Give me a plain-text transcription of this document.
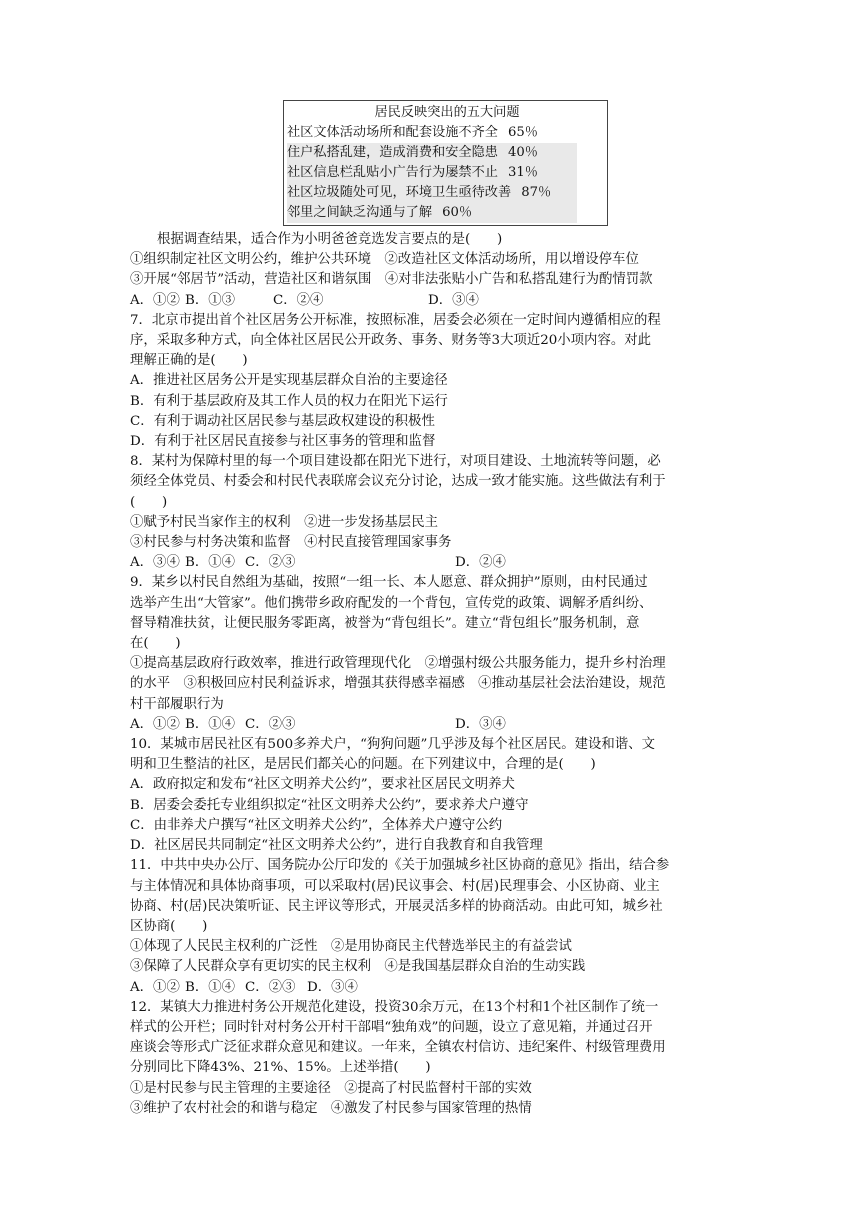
居民反映突出的五大问题
社区文体活动场所和配套设施不齐全 65％
住户私搭乱建，造成消费和安全隐患 40％
社区信息栏乱贴小广告行为屡禁不止 31％
社区垃圾随处可见，环境卫生亟待改善 87％
邻里之间缺乏沟通与了解 60％
根据调查结果，适合作为小明爸爸竞选发言要点的是(　　)
①组织制定社区文明公约，维护公共环境　②改造社区文体活动场所，用以增设停车位
③开展“邻居节”活动，营造社区和谐氛围　④对非法张贴小广告和私搭乱建行为酌情罚款
A．①② B．①③	C．②④	D．③④
7．北京市提出首个社区居务公开标准，按照标准，居委会必须在一定时间内遵循相应的程
序，采取多种方式，向全体社区居民公开政务、事务、财务等3大项近20小项内容。对此
理解正确的是(　　)
A．推进社区居务公开是实现基层群众自治的主要途径
B．有利于基层政府及其工作人员的权力在阳光下运行
C．有利于调动社区居民参与基层政权建设的积极性
D．有利于社区居民直接参与社区事务的管理和监督
8．某村为保障村里的每一个项目建设都在阳光下进行，对项目建设、土地流转等问题，必
须经全体党员、村委会和村民代表联席会议充分讨论，达成一致才能实施。这些做法有利于
(　　)
①赋予村民当家作主的权利　②进一步发扬基层民主
③村民参与村务决策和监督　④村民直接管理国家事务
A．③④ B．①④ C．②③	D．②④
9．某乡以村民自然组为基础，按照“一组一长、本人愿意、群众拥护”原则，由村民通过
选举产生出“大管家”。他们携带乡政府配发的一个背包，宣传党的政策、调解矛盾纠纷、
督导精准扶贫，让便民服务零距离，被誉为“背包组长”。建立“背包组长”服务机制，意
在(　　)
①提高基层政府行政效率，推进行政管理现代化　②增强村级公共服务能力，提升乡村治理
的水平　③积极回应村民利益诉求，增强其获得感幸福感　④推动基层社会法治建设，规范
村干部履职行为
A．①② B．①④ C．②③	D．③④
10．某城市居民社区有500多养犬户，“狗狗问题”几乎涉及每个社区居民。建设和谐、文
明和卫生整洁的社区，是居民们都关心的问题。在下列建议中，合理的是(　　)
A．政府拟定和发布“社区文明养犬公约”，要求社区居民文明养犬
B．居委会委托专业组织拟定“社区文明养犬公约”，要求养犬户遵守
C．由非养犬户撰写“社区文明养犬公约”，全体养犬户遵守公约
D．社区居民共同制定“社区文明养犬公约”，进行自我教育和自我管理
11．中共中央办公厅、国务院办公厅印发的《关于加强城乡社区协商的意见》指出，结合参
与主体情况和具体协商事项，可以采取村(居)民议事会、村(居)民理事会、小区协商、业主
协商、村(居)民决策听证、民主评议等形式，开展灵活多样的协商活动。由此可知，城乡社
区协商(　　)
①体现了人民民主权利的广泛性　②是用协商民主代替选举民主的有益尝试
③保障了人民群众享有更切实的民主权利　④是我国基层群众自治的生动实践
A．①② B．①④ C．②③ D．③④
12．某镇大力推进村务公开规范化建设，投资30余万元，在13个村和1个社区制作了统一
样式的公开栏；同时针对村务公开村干部唱“独角戏”的问题，设立了意见箱，并通过召开
座谈会等形式广泛征求群众意见和建议。一年来，全镇农村信访、违纪案件、村级管理费用
分别同比下降43%、21%、15%。上述举措(　　)
①是村民参与民主管理的主要途径　②提高了村民监督村干部的实效
③维护了农村社会的和谐与稳定　④激发了村民参与国家管理的热情
